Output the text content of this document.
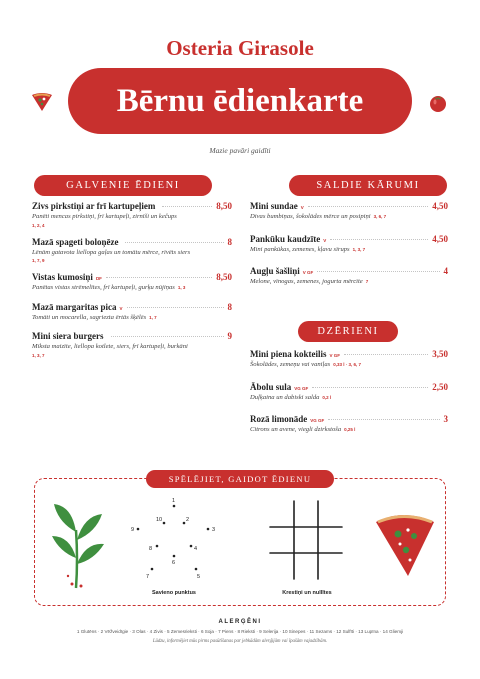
Osteria Girasole
Bērnu ēdienkarte
Mazie pavāri gaidīti
GALVENIE ĒDIENI	SALDIE KĀRUMI
DZĒRIENI
Zivs pirkstiņi ar frī kartupeļiem	8,50
Panēti mencas pirkstiņi, frī kartupeļi, zirnīši un kečups
1, 2, 4
Mazā spageti boloņēze	8
Lēnām gatavota liellopa gaļas un tomātu mērce, rīvēts siers
1, 7, 9
Vistas kumosiņi DF	8,50
Panētas vistas strēmelītes, frī kartupeļi, gurķu nūjiņas 1, 3
Mazā margaritas pica V	8
Tomāti un mocarella, sagriezta ērtās šķēlēs 1, 7
Mini siera burgers	9
Mīksta maizīte, liellopa kotlete, siers, frī kartupeļi, burkāni
1, 3, 7
Mini sundae V	4,50
Divas bumbiņas, šokolādes mērce un posipiņi 3, 6, 7
Pankūku kaudzīte V	4,50
Mini pankūkas, zemenes, kļavu sīrups 1, 3, 7
Augļu šašliņi V GF	4
Melone, vīnogas, zemenes, jogurta mērcīte 7
Mini piena kokteilis V GF	3,50
Šokolādes, zemeņu vai vaniļas 0,33 l · 3, 6, 7
Ābolu sula VG GF	2,50
Duļķaina un dabiski salda 0,2 l
Rozā limonāde VG GF	3
Citrons un avene, viegli dzirkstoša 0,25 l
SPĒLĒJIET, GAIDOT ĒDIENU
1
2
3
4
5
6
7
8
9
10
Savieno punktus	Krestiņi un nullītes
ALERĢĒNI
1 Glutēns · 2 Vēžveidīgie · 3 Olas · 4 Zivis · 5 Zemesrieksti · 6 Soja · 7 Piens · 8 Rieksti · 9 Selerija · 10 Sinepes · 11 Sezams · 12 Sulfīti · 13 Lupīna · 14 Gliemji
Lūdzu, informējiet mūs pirms pasūtīšanas par jebkādām alerģijām vai īpašām vajadzībām.
